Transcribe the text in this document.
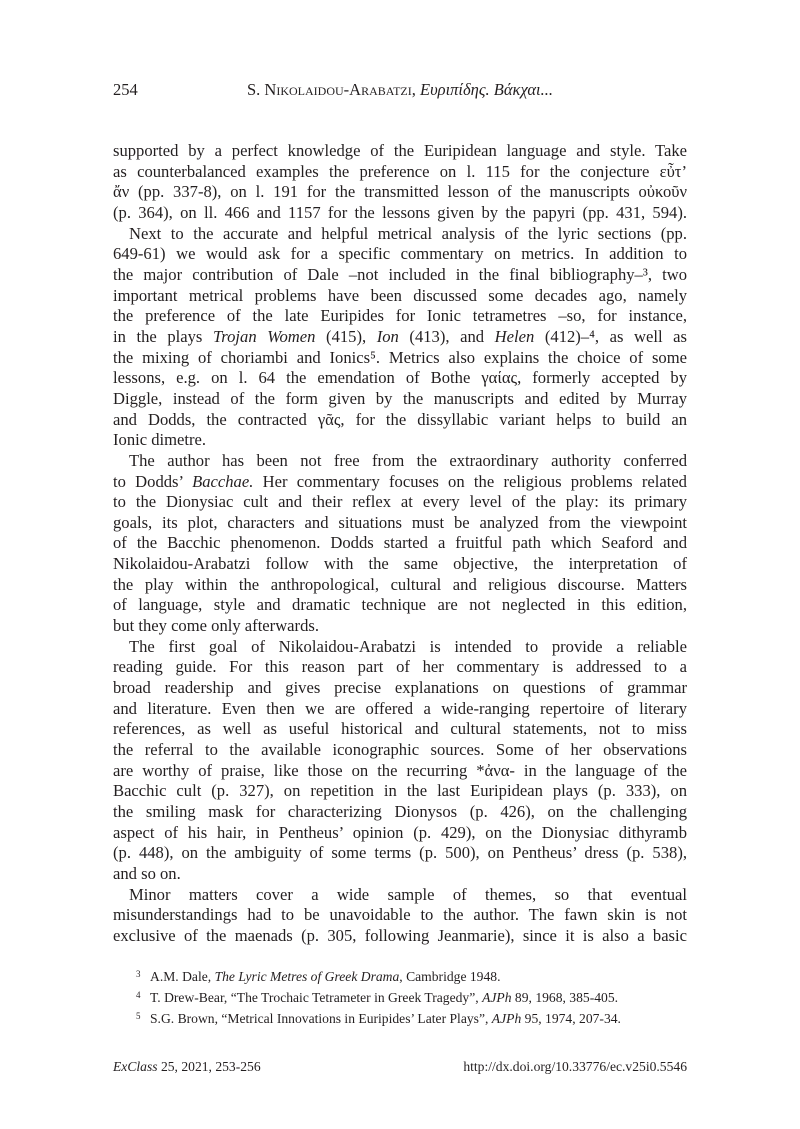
254	S. Nikolaidou-Arabatzi, Ευριπίδης. Βάκχαι...
supported by a perfect knowledge of the Euripidean language and style. Take
as counterbalanced examples the preference on l. 115 for the conjecture εὖτ’
ἄν (pp. 337-8), on l. 191 for the transmitted lesson of the manuscripts οὐκοῦν
(p. 364), on ll. 466 and 1157 for the lessons given by the papyri (pp. 431, 594).
Next to the accurate and helpful metrical analysis of the lyric sections (pp.
649-61) we would ask for a specific commentary on metrics. In addition to
the major contribution of Dale –not included in the final bibliography–³, two
important metrical problems have been discussed some decades ago, namely
the preference of the late Euripides for Ionic tetrametres –so, for instance,
in the plays Trojan Women (415), Ion (413), and Helen (412)–⁴, as well as
the mixing of choriambi and Ionics⁵. Metrics also explains the choice of some
lessons, e.g. on l. 64 the emendation of Bothe γαίας, formerly accepted by
Diggle, instead of the form given by the manuscripts and edited by Murray
and Dodds, the contracted γᾶς, for the dissyllabic variant helps to build an
Ionic dimetre.
The author has been not free from the extraordinary authority conferred
to Dodds’ Bacchae. Her commentary focuses on the religious problems related
to the Dionysiac cult and their reflex at every level of the play: its primary
goals, its plot, characters and situations must be analyzed from the viewpoint
of the Bacchic phenomenon. Dodds started a fruitful path which Seaford and
Nikolaidou-Arabatzi follow with the same objective, the interpretation of
the play within the anthropological, cultural and religious discourse. Matters
of language, style and dramatic technique are not neglected in this edition,
but they come only afterwards.
The first goal of Nikolaidou-Arabatzi is intended to provide a reliable
reading guide. For this reason part of her commentary is addressed to a
broad readership and gives precise explanations on questions of grammar
and literature. Even then we are offered a wide-ranging repertoire of literary
references, as well as useful historical and cultural statements, not to miss
the referral to the available iconographic sources. Some of her observations
are worthy of praise, like those on the recurring *ἀνα- in the language of the
Bacchic cult (p. 327), on repetition in the last Euripidean plays (p. 333), on
the smiling mask for characterizing Dionysos (p. 426), on the challenging
aspect of his hair, in Pentheus’ opinion (p. 429), on the Dionysiac dithyramb
(p. 448), on the ambiguity of some terms (p. 500), on Pentheus’ dress (p. 538),
and so on.
Minor matters cover a wide sample of themes, so that eventual
misunderstandings had to be unavoidable to the author. The fawn skin is not
exclusive of the maenads (p. 305, following Jeanmarie), since it is also a basic
3 A.M. Dale, The Lyric Metres of Greek Drama, Cambridge 1948.
4 T. Drew-Bear, “The Trochaic Tetrameter in Greek Tragedy”, AJPh 89, 1968, 385-405.
5 S.G. Brown, “Metrical Innovations in Euripides’ Later Plays”, AJPh 95, 1974, 207-34.
ExClass 25, 2021, 253-256	http://dx.doi.org/10.33776/ec.v25i0.5546
